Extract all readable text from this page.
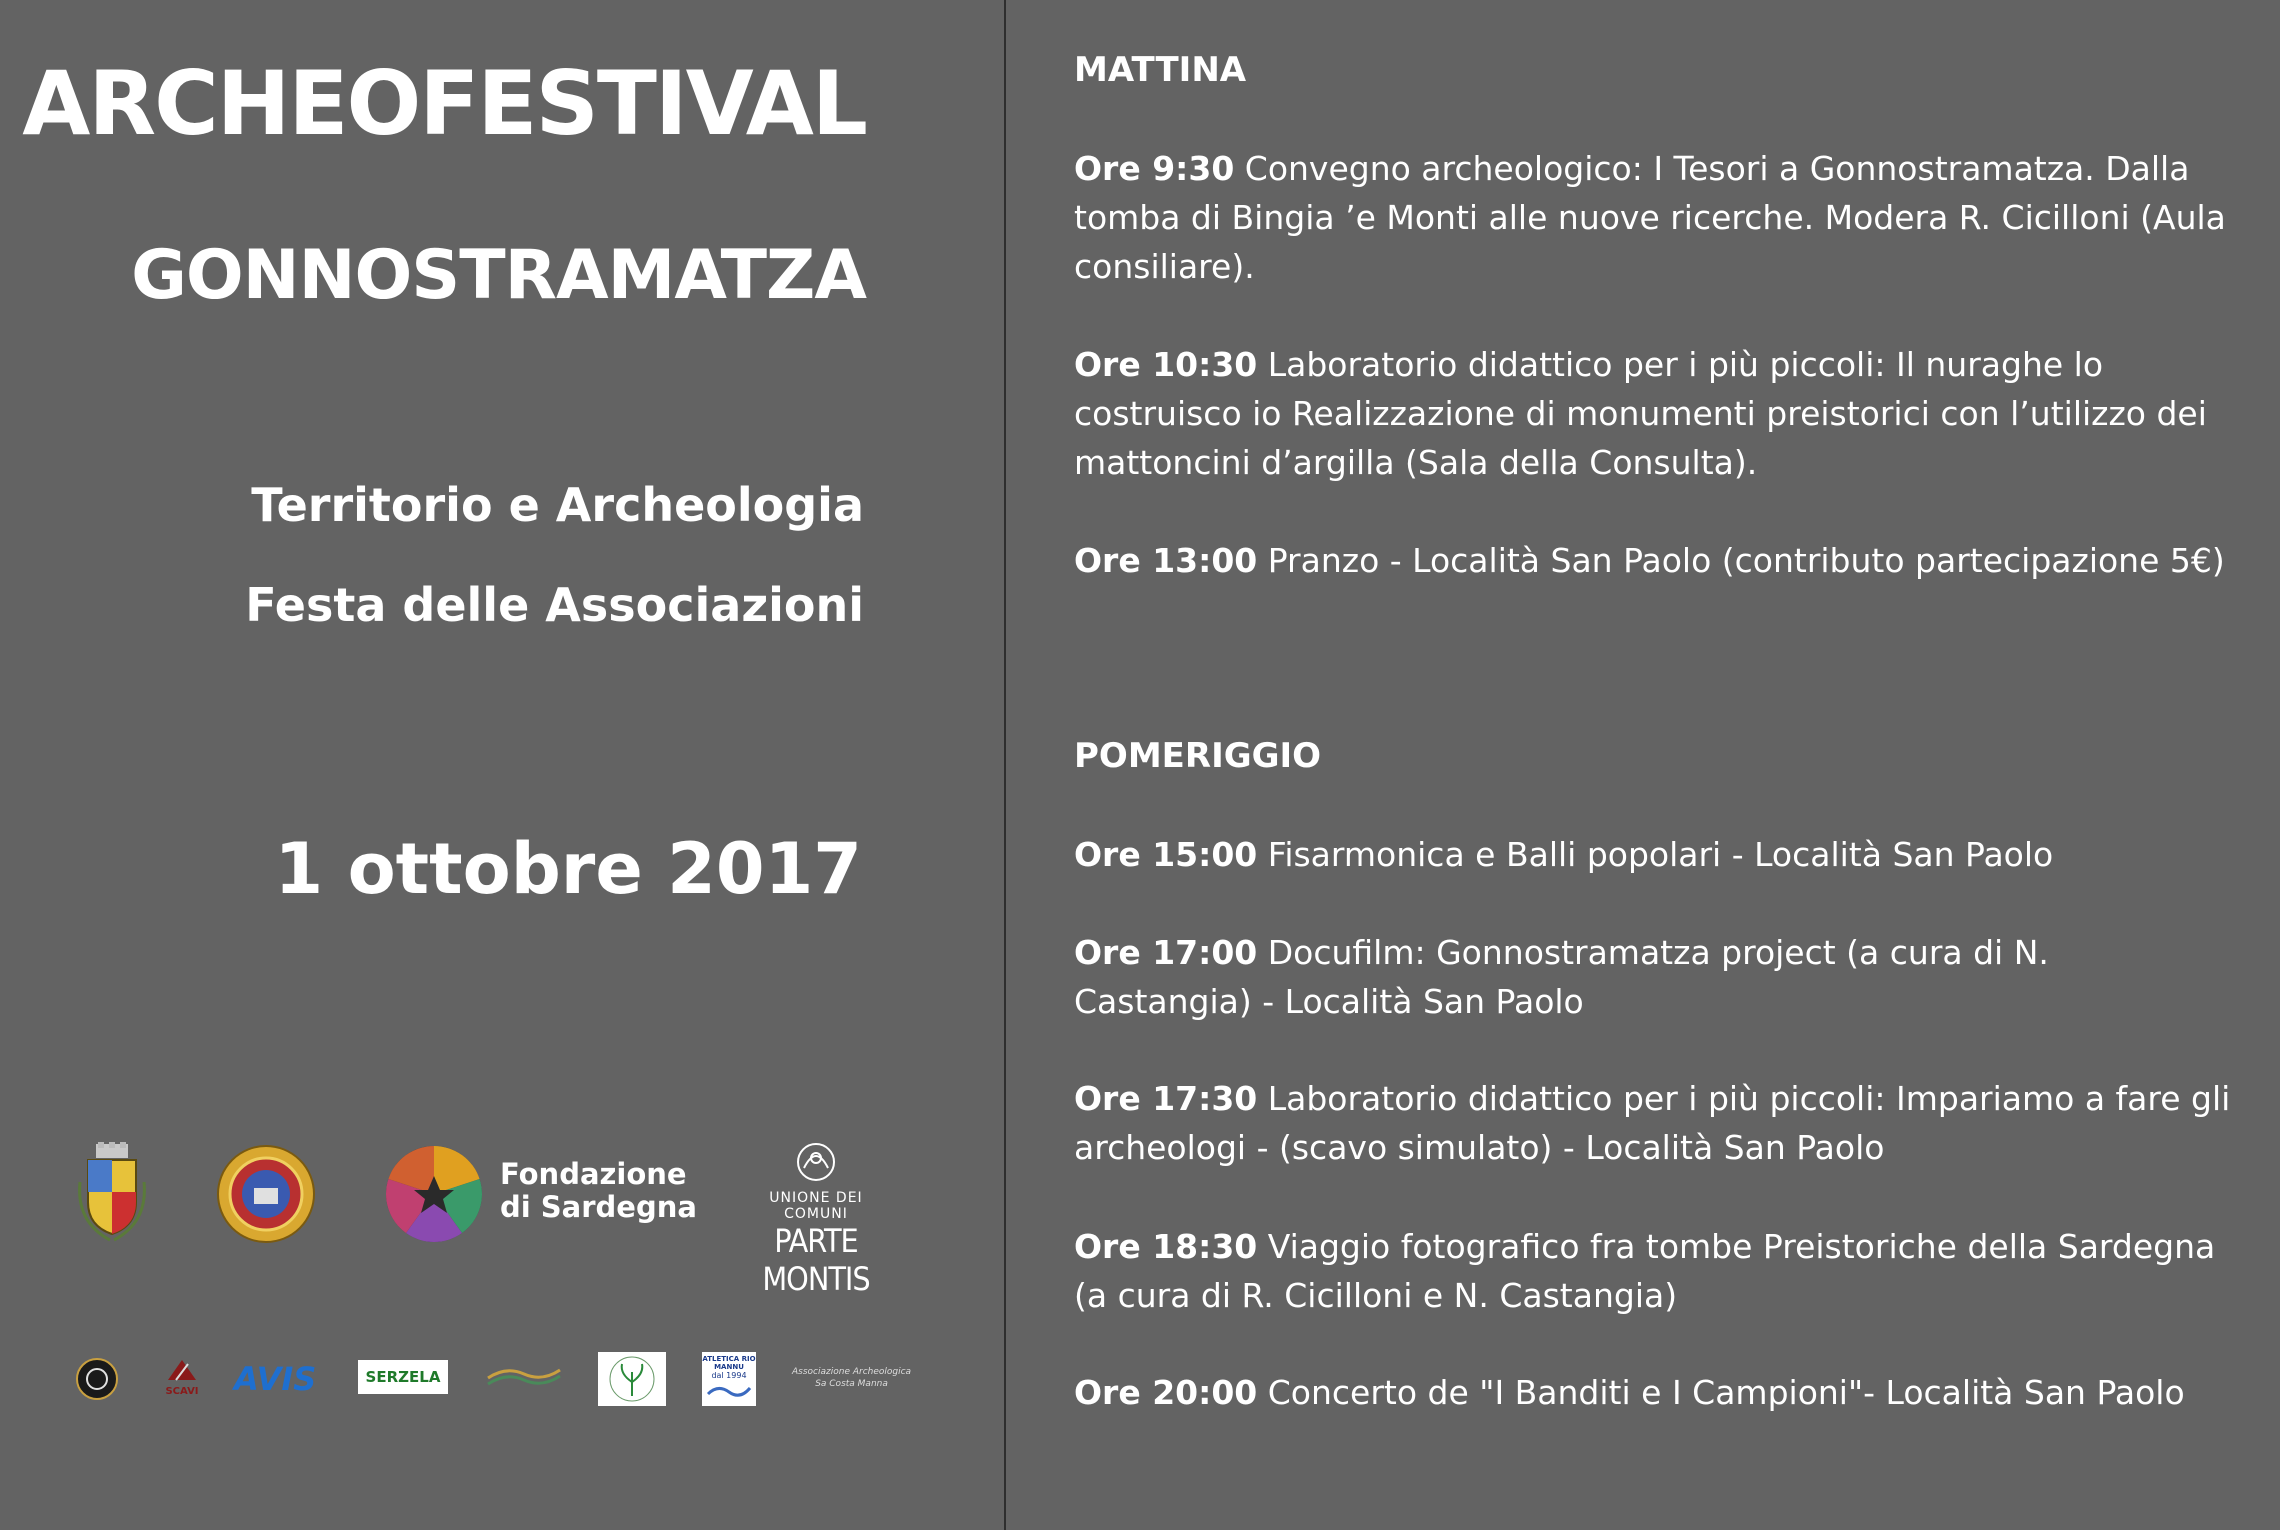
ARCHEOFESTIVAL
GONNOSTRAMATZA
Territorio e Archeologia
Festa delle Associazioni
1 ottobre 2017
Fondazione
di Sardegna	UNIONE DEI COMUNI
PARTE MONTIS
SCAVI AVIS	SERZELA
ATLETICA RIO MANNU
dal 1994	Associazione Archeologica
Sa Costa Manna
MATTINA
Ore 9:30 Convegno archeologico: I Tesori a Gonnostramatza. Dalla tomba di Bingia ’e Monti alle nuove ricerche. Modera R. Cicilloni (Aula consiliare).
Ore 10:30 Laboratorio didattico per i più piccoli: Il nuraghe lo costruisco io Realizzazione di monumenti preistorici con l’utilizzo dei mattoncini d’argilla (Sala della Consulta).
Ore 13:00 Pranzo - Località San Paolo (contributo partecipazione 5€)
POMERIGGIO
Ore 15:00 Fisarmonica e Balli popolari - Località San Paolo
Ore 17:00 Docufilm: Gonnostramatza project (a cura di N. Castangia) - Località San Paolo
Ore 17:30 Laboratorio didattico per i più piccoli: Impariamo a fare gli archeologi - (scavo simulato) - Località San Paolo
Ore 18:30 Viaggio fotografico fra tombe Preistoriche della Sardegna (a cura di R. Cicilloni e N. Castangia)
Ore 20:00 Concerto de "I Banditi e I Campioni"- Località San Paolo
